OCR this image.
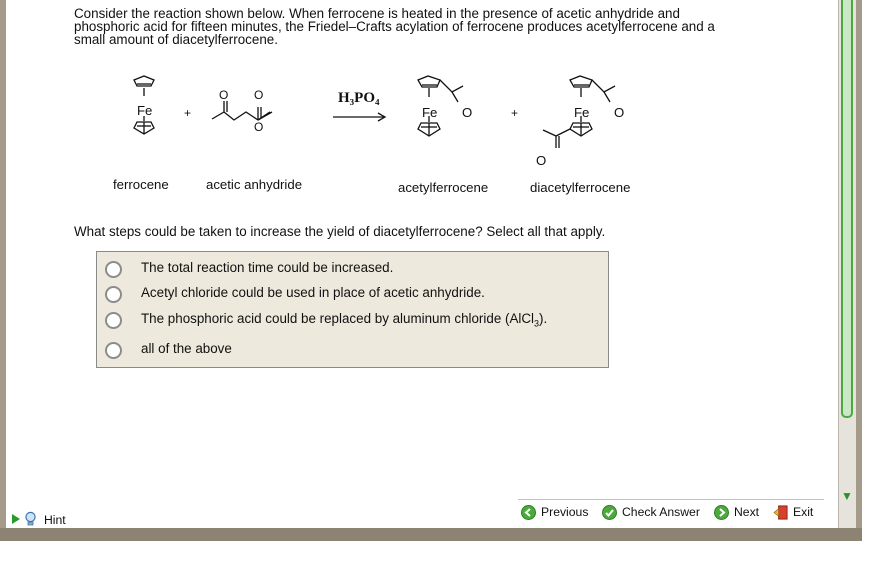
▼
Consider the reaction shown below. When ferrocene is heated in the presence of acetic anhydride and
phosphoric acid for fifteen minutes, the Friedel–Crafts acylation of ferrocene produces acetylferrocene and a
small amount of diacetylferrocene.
Fe	+
O
O
O	H₃PO₄
Fe O	+	Fe O
O
ferrocene	acetic anhydride	acetylferrocene	diacetylferrocene
What steps could be taken to increase the yield of diacetylferrocene? Select all that apply.
The total reaction time could be increased.
Acetyl chloride could be used in place of acetic anhydride.
The phosphoric acid could be replaced by aluminum chloride (AlCl$_3$).
all of the above
Hint
Previous	Check Answer	Next	Exit
